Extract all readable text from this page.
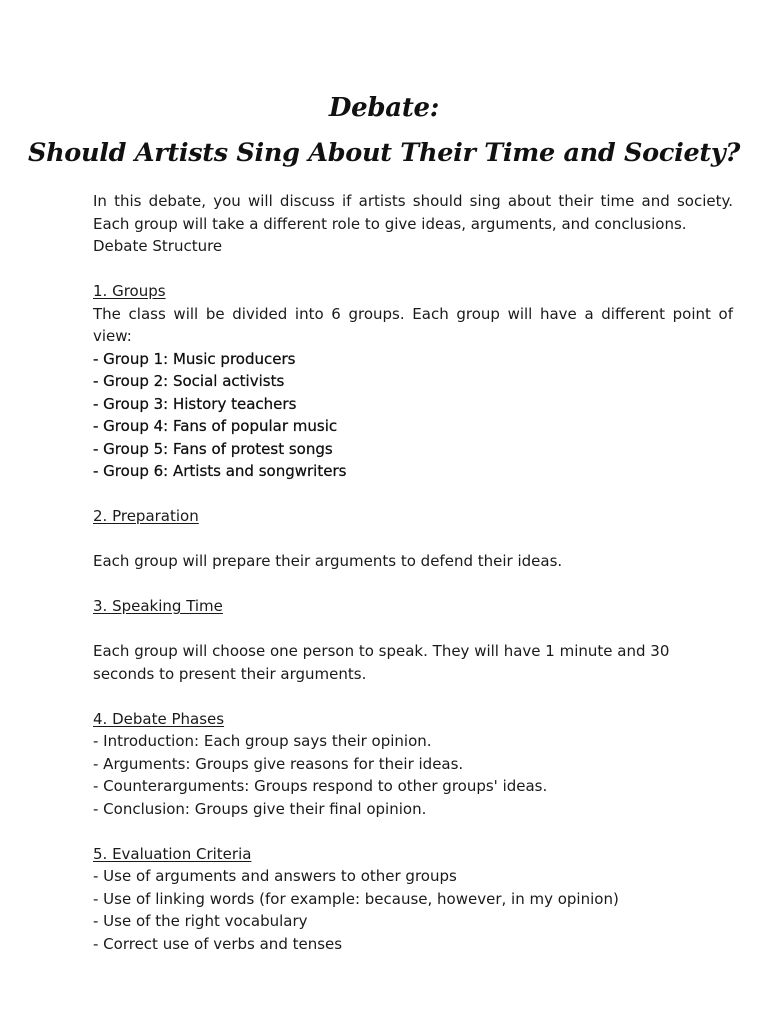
Debate:
Should Artists Sing About Their Time and Society?

In this debate, you will discuss if artists should sing about their time and society. Each group will take a different role to give ideas, arguments, and conclusions.

Debate Structure

1. Groups

The class will be divided into 6 groups. Each group will have a different point of view:

- Group 1: Music producers

- Group 2: Social activists

- Group 3: History teachers

- Group 4: Fans of popular music

- Group 5: Fans of protest songs

- Group 6: Artists and songwriters

2. Preparation

Each group will prepare their arguments to defend their ideas.

3. Speaking Time

Each group will choose one person to speak. They will have 1 minute and 30 seconds to present their arguments.

4. Debate Phases

- Introduction: Each group says their opinion.

- Arguments: Groups give reasons for their ideas.

- Counterarguments: Groups respond to other groups' ideas.

- Conclusion: Groups give their final opinion.

5. Evaluation Criteria

- Use of arguments and answers to other groups

- Use of linking words (for example: because, however, in my opinion)

- Use of the right vocabulary

- Correct use of verbs and tenses
